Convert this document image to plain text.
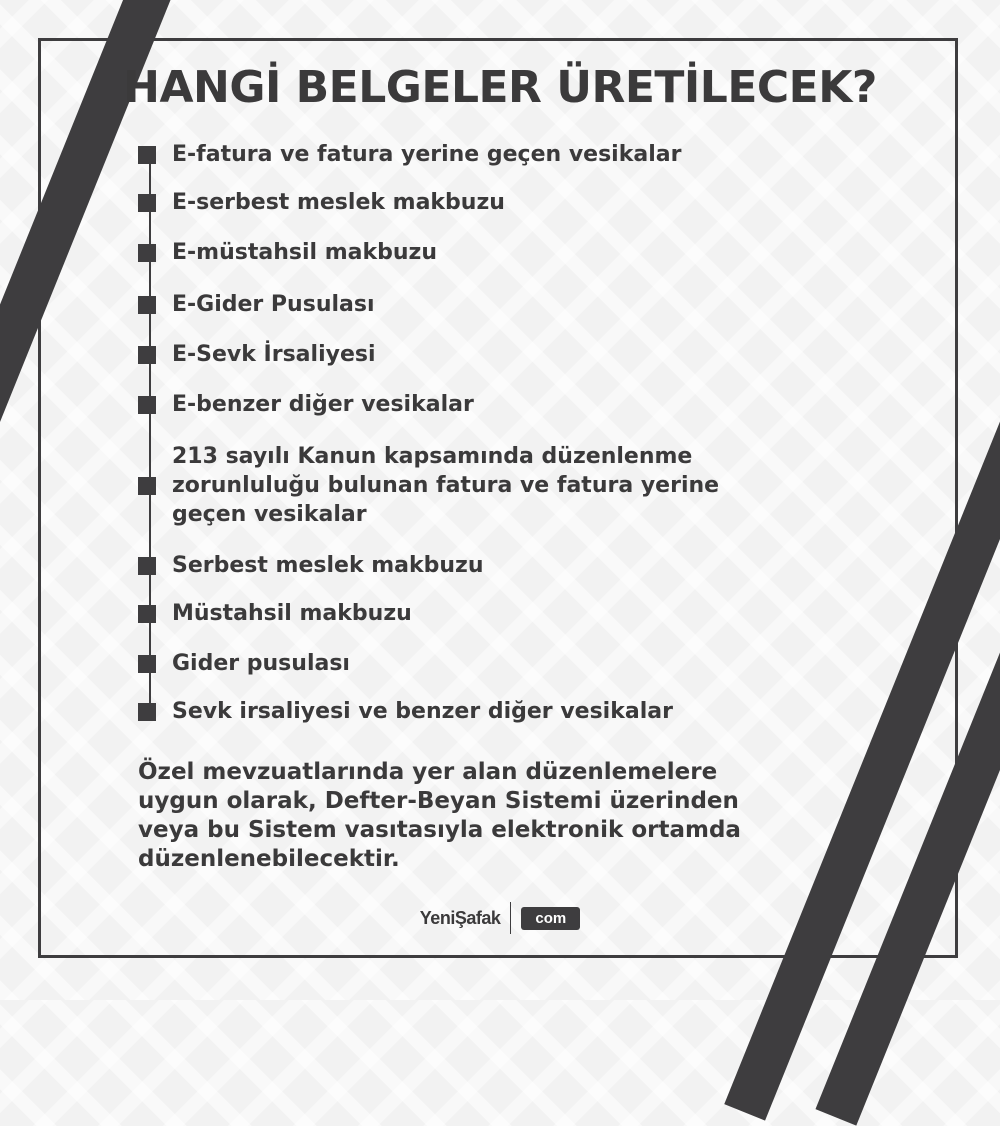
HANGİ BELGELER ÜRETİLECEK?
E-fatura ve fatura yerine geçen vesikalar
E-serbest meslek makbuzu
E-müstahsil makbuzu
E-Gider Pusulası
E-Sevk İrsaliyesi
E-benzer diğer vesikalar
213 sayılı Kanun kapsamında düzenlenme
zorunluluğu bulunan fatura ve fatura yerine
geçen vesikalar
Serbest meslek makbuzu
Müstahsil makbuzu
Gider pusulası
Sevk irsaliyesi ve benzer diğer vesikalar

Özel mevzuatlarında yer alan düzenlemelere
uygun olarak, Defter-Beyan Sistemi üzerinden
veya bu Sistem vasıtasıyla elektronik ortamda
düzenlenebilecektir.

YeniŞafak	com
